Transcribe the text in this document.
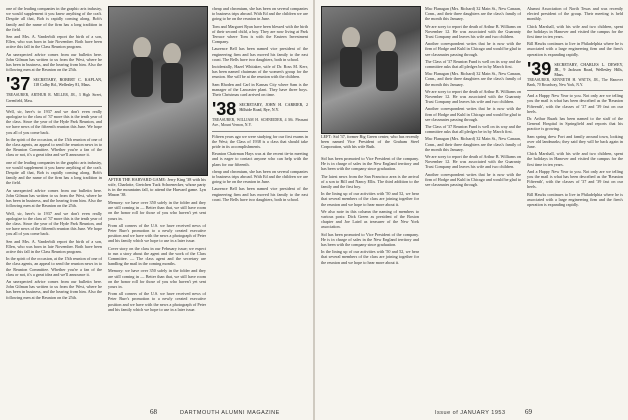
one of the leading companies in the graphic arts industry, we would supplement it you knew anything of the craft. Despite all that, Bob is rapidly coming along. Bob's family and the name of the firm has a long tradition in the field.

Sen and Mrs. A. Vanderbilt report the birth of a son, Ellen, who was born in late November. Both have been active this fall in the Class Reunion program.

An unexpected advice comes from our bulletin here. John Gilman has written to us from the West, where he has been in business, and the hearing from him. Also the following men at the Reunion on the 25th.

'37 SECRETARY, ROBERT C. KAPLAN, 118 Colby Rd., Wellesley 81, Mass.

TREASURER, ARTHUR R. MILLER, JR., 3 High Street, Greenfield, Mass.

Well, sir, here's to 1937 and we don't even really apologize to the class of '37 more this is the tenth year of the class. Since the year of the Hyde Park Reunion, and we have news of the fifteenth reunion this June. We hope you all of you come back.

In the spirit of the occasion, at the 15th reunion of one of the class agents, an appeal to send the reunion news in to the Reunion Committee. Whether you're a fan of the class or not, it's a great idea and we'll announce it.

one of the leading companies in the graphic arts industry, we would supplement it you knew anything of the craft. Despite all that, Bob is rapidly coming along. Bob's family and the name of the firm has a long tradition in the field.

An unexpected advice comes from our bulletin here. John Gilman has written to us from the West, where he has been in business, and the hearing from him. Also the following men at the Reunion on the 25th.

Well, sir, here's to 1937 and we don't even really apologize to the class of '37 more this is the tenth year of the class. Since the year of the Hyde Park Reunion, and we have news of the fifteenth reunion this June. We hope you all of you come back.

Sen and Mrs. A. Vanderbilt report the birth of a son, Ellen, who was born in late November. Both have been active this fall in the Class Reunion program.

In the spirit of the occasion, at the 15th reunion of one of the class agents, an appeal to send the reunion news in to the Reunion Committee. Whether you're a fan of the class or not, it's a great idea and we'll announce it.

An unexpected advice comes from our bulletin here. John Gilman has written to us from the West, where he has been in business, and the hearing from him. Also the following men at the Reunion on the 25th.

AFTER THE HARVARD GAME: Jerry King '38 with his wife, Charlotte, Gretchen Tuck Schoenecker, whose party is in the mountains fall, to attend the Harvard game. Lyn Mason '38.

Memory: we have over 350 safely in the folder and they are still coming in — Better than that, we still have room on the honor roll for those of you who haven't yet sent yours in.

From all corners of the U.S. we have received news of Peter Burr's promotion to a newly created executive position and we have with the news a photograph of Peter and his family which we hope to use in a later issue.

Cover story on the class in our February issue; we expect to run a story about the agent and the work of the Class Committee. — The class agent and the secretary are handling the mail in the coming months.

Memory: we have over 350 safely in the folder and they are still coming in — Better than that, we still have room on the honor roll for those of you who haven't yet sent yours in.

From all corners of the U.S. we have received news of Peter Burr's promotion to a newly created executive position and we have with the news a photograph of Peter and his family which we hope to use in a later issue.

cheap and chromium, she has been on several companies to business trips abroad. With Ed and the children we are going to be on the reunion in June.

Tom and Margaret Ryan have been blessed with the birth of their second child, a boy. They are now living at Park Terrace where Tom is with the Eastern Investment Company.

Laurence Bell has been named vice president of the engineering firm and has moved his family to the east coast. The Bells have two daughters, both in school.

Incidentally, Hazel Whitaker, wife of Dr. Ross M. Kerr, has been named chairman of the women's group for the reunion. She will be at the reunion with the children.

Sam Rhoden and Carl in Kansas City where Sam is the manager of the Lancaster plant. They have three boys. Their Christmas card arrived on time.

'38 SECRETARY, JOHN H. CARRIER, 2 Hillside Road, Rye, N.Y.

TREASURER, WILLIAM H. SCHNEIDER, 4 Mt. Pleasant Ave., Mount Vernon, N.Y.

Fifteen years ago we were studying for our first exams in the West; the Class of 1938 is a class that should take pride in its accomplishments.

Reunion Chairman Hays was at the recent tie-in meeting and is eager to contact anyone who can help with the plans for our fifteenth.

cheap and chromium, she has been on several companies to business trips abroad. With Ed and the children we are going to be on the reunion in June.

Laurence Bell has been named vice president of the engineering firm and has moved his family to the east coast. The Bells have two daughters, both in school.

68	DARTMOUTH ALUMNI MAGAZINE
LEFT: Sid '37, former Big Green center, who has recently been named Vice President of the Graham Steel Corporation, with his wife Ruth.

Sid has been promoted to Vice President of the company. He is in charge of sales in the New England territory and has been with the company since graduation.

The latest news from the San Francisco area is the arrival of a son to Bill and Nancy Ellis. The third addition to the family and the first boy.

In the lining up of our activities with '50 and 52, we hear that several members of the class are joining together for the reunion and we hope to hear more about it.

We also note in this column the naming of members to various posts: Dick Green as president of the Boston chapter and Joe Laird as treasurer of the New York association.

Sid has been promoted to Vice President of the company. He is in charge of sales in the New England territory and has been with the company since graduation.

In the lining up of our activities with '50 and 52, we hear that several members of the class are joining together for the reunion and we hope to hear more about it.

Mac Flanagan (Mrs. Richard) 32 Main St., New Canaan, Conn., and their three daughters are the class's family of the month this January.

We are sorry to report the death of Arthur B. Williams on November 12. He was associated with the Guaranty Trust Company and leaves his wife and two children.

Another correspondent writes that he is now with the firm of Hodge and Kuhl in Chicago and would be glad to see classmates passing through.

The Class of '37 Reunion Fund is well on its way and the committee asks that all pledges be in by March first.

Mac Flanagan (Mrs. Richard) 32 Main St., New Canaan, Conn., and their three daughters are the class's family of the month this January.

We are sorry to report the death of Arthur B. Williams on November 12. He was associated with the Guaranty Trust Company and leaves his wife and two children.

Another correspondent writes that he is now with the firm of Hodge and Kuhl in Chicago and would be glad to see classmates passing through.

The Class of '37 Reunion Fund is well on its way and the committee asks that all pledges be in by March first.

Mac Flanagan (Mrs. Richard) 32 Main St., New Canaan, Conn., and their three daughters are the class's family of the month this January.

We are sorry to report the death of Arthur B. Williams on November 12. He was associated with the Guaranty Trust Company and leaves his wife and two children.

Another correspondent writes that he is now with the firm of Hodge and Kuhl in Chicago and would be glad to see classmates passing through.

Alumni Association of North Texas and was recently elected president of the group. Their meeting is held monthly.

Chick Marshall, with his wife and two children, spent the holidays in Hanover and visited the campus for the first time in ten years.

Bill Hawks continues to live in Philadelphia where he is associated with a large engineering firm and the firm's operation is expanding rapidly.

'39 SECRETARY, CHARLES L. DEWEY, JR., 9 Jackson Road, Wellesley Hills, Mass.

TREASURER, KENNETH H. WATTS, JR., The Hanover Bank, 70 Broadway, New York, N.Y.

And a Happy New Year to you. Not only are we telling you the mail is what has been described as the 'Reunion Fifteenth', with the classes of '37 and '39 fast on our heels.

Dr. Arthur Ruark has been named to the staff of the General Hospital in Springfield and reports that his practice is growing.

Sam spring drew Fort and family around town, looking over old landmarks; they said they will be back again in June.

Chick Marshall, with his wife and two children, spent the holidays in Hanover and visited the campus for the first time in ten years.

And a Happy New Year to you. Not only are we telling you the mail is what has been described as the 'Reunion Fifteenth', with the classes of '37 and '39 fast on our heels.

Bill Hawks continues to live in Philadelphia where he is associated with a large engineering firm and the firm's operation is expanding rapidly.

Issue of JANUARY 1953	69
